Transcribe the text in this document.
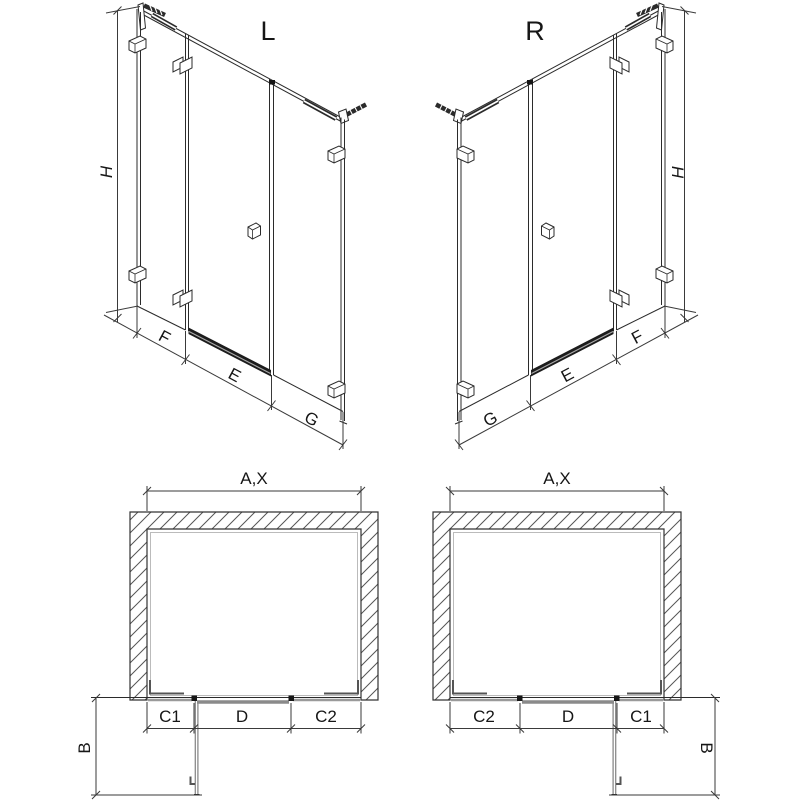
L
H
F
E
G
R
H
G
E
F
A,X
C1	D	C2
B
A,X
C2	D	C1
B
